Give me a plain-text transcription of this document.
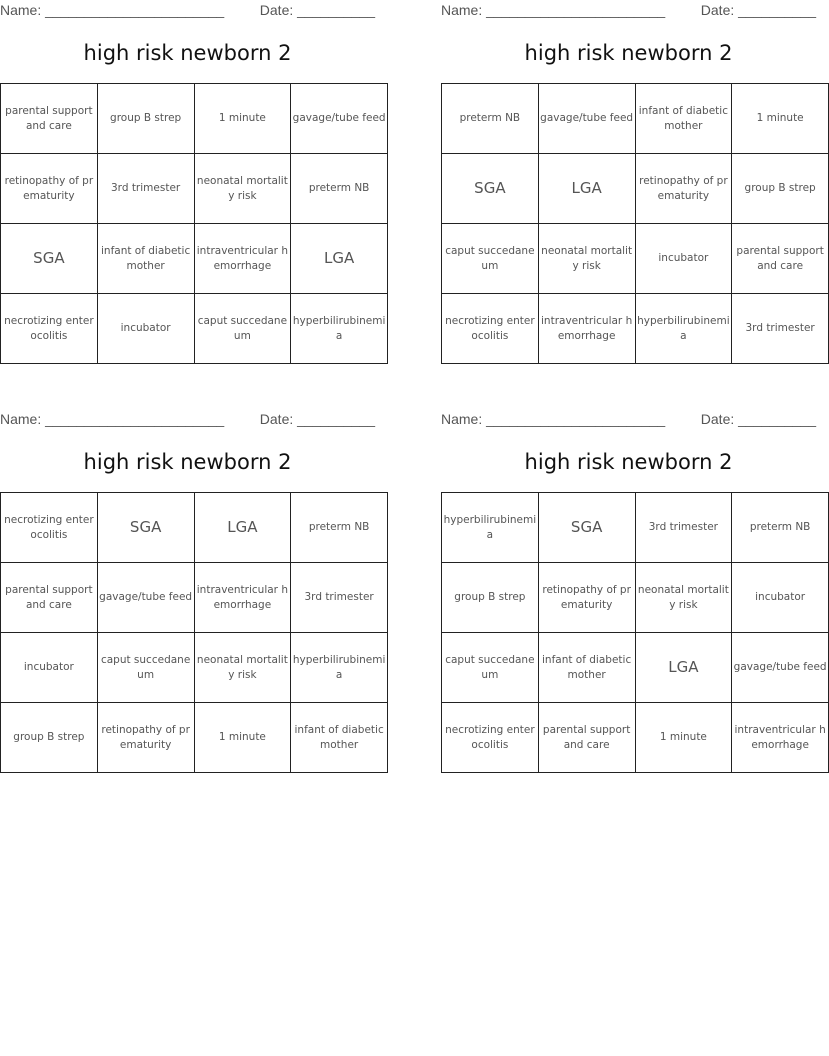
Name: _______________________	Date: __________
high risk newborn 2
parental support and care	group B strep	1 minute	gavage/tube feed
retinopathy of prematurity	3rd trimester	neonatal mortality risk	preterm NB
SGA	infant of diabetic mother	intraventricular hemorrhage	LGA
necrotizing enterocolitis	incubator	caput succedaneum	hyperbilirubinemia
Name: _______________________	Date: __________
high risk newborn 2
preterm NB	gavage/tube feed	infant of diabetic mother	1 minute
SGA	LGA	retinopathy of prematurity	group B strep
caput succedaneum	neonatal mortality risk	incubator	parental support and care
necrotizing enterocolitis	intraventricular hemorrhage	hyperbilirubinemia	3rd trimester
Name: _______________________	Date: __________
high risk newborn 2
necrotizing enterocolitis	SGA	LGA	preterm NB
parental support and care	gavage/tube feed	intraventricular hemorrhage	3rd trimester
incubator	caput succedaneum	neonatal mortality risk	hyperbilirubinemia
group B strep	retinopathy of prematurity	1 minute	infant of diabetic mother
Name: _______________________	Date: __________
high risk newborn 2
hyperbilirubinemia	SGA	3rd trimester	preterm NB
group B strep	retinopathy of prematurity	neonatal mortality risk	incubator
caput succedaneum	infant of diabetic mother	LGA	gavage/tube feed
necrotizing enterocolitis	parental support and care	1 minute	intraventricular hemorrhage
